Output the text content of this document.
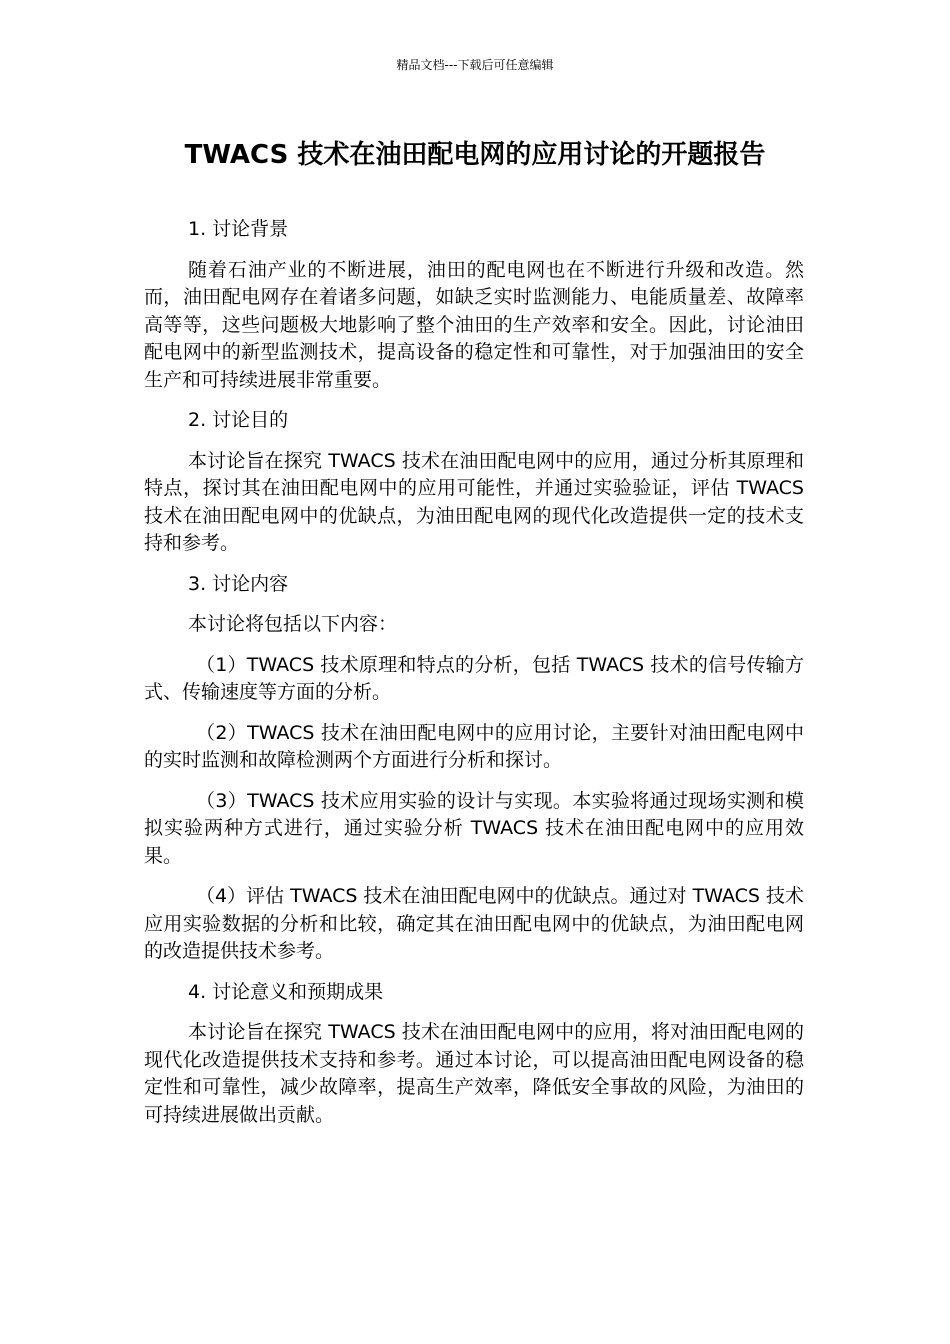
精品文档---下载后可任意编辑
TWACS 技术在油田配电网的应用讨论的开题报告
1. 讨论背景
随着石油产业的不断进展，油田的配电网也在不断进行升级和改造。然而，油田配电网存在着诸多问题，如缺乏实时监测能力、电能质量差、故障率高等等，这些问题极大地影响了整个油田的生产效率和安全。因此，讨论油田配电网中的新型监测技术，提高设备的稳定性和可靠性，对于加强油田的安全生产和可持续进展非常重要。
2. 讨论目的
本讨论旨在探究 TWACS 技术在油田配电网中的应用，通过分析其原理和特点，探讨其在油田配电网中的应用可能性，并通过实验验证，评估 TWACS 技术在油田配电网中的优缺点，为油田配电网的现代化改造提供一定的技术支持和参考。
3. 讨论内容
本讨论将包括以下内容：
（1）TWACS 技术原理和特点的分析，包括 TWACS 技术的信号传输方式、传输速度等方面的分析。
（2）TWACS 技术在油田配电网中的应用讨论，主要针对油田配电网中的实时监测和故障检测两个方面进行分析和探讨。
（3）TWACS 技术应用实验的设计与实现。本实验将通过现场实测和模拟实验两种方式进行，通过实验分析 TWACS 技术在油田配电网中的应用效果。
（4）评估 TWACS 技术在油田配电网中的优缺点。通过对 TWACS 技术应用实验数据的分析和比较，确定其在油田配电网中的优缺点，为油田配电网的改造提供技术参考。
4. 讨论意义和预期成果
本讨论旨在探究 TWACS 技术在油田配电网中的应用，将对油田配电网的现代化改造提供技术支持和参考。通过本讨论，可以提高油田配电网设备的稳定性和可靠性，减少故障率，提高生产效率，降低安全事故的风险，为油田的可持续进展做出贡献。
